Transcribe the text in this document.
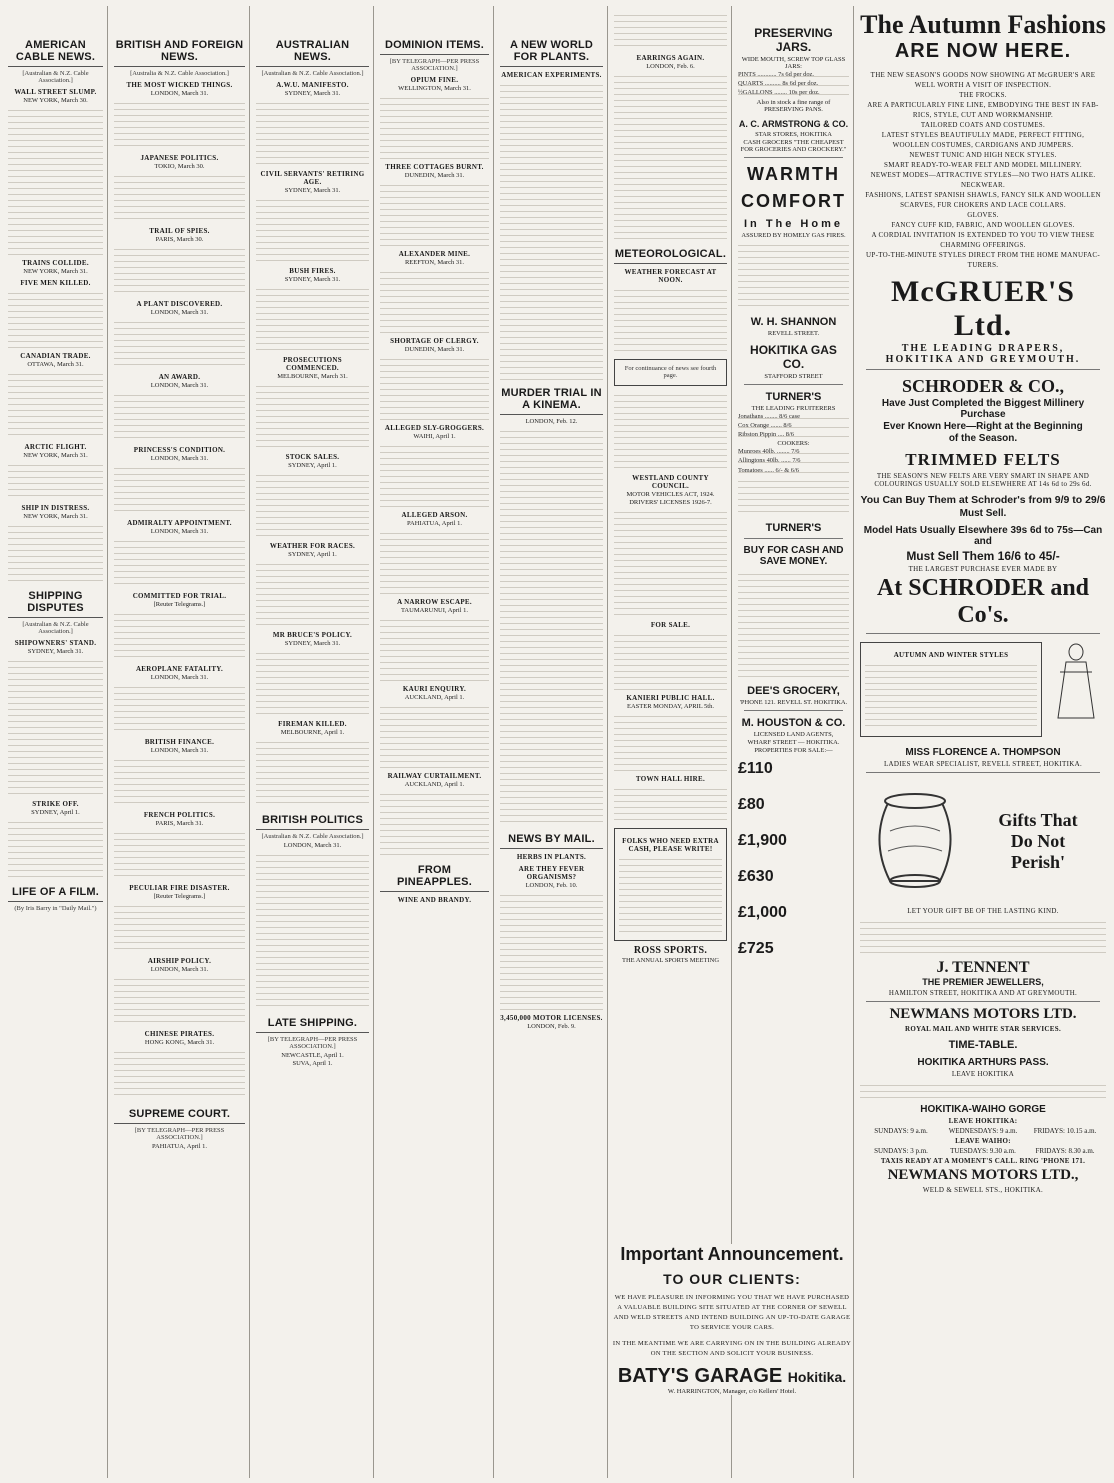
AMERICAN CABLE NEWS.
[Australian & N.Z. Cable Association.]
WALL STREET SLUMP.
NEW YORK, March 30.
TRAINS COLLIDE.
NEW YORK, March 31.
FIVE MEN KILLED.
CANADIAN TRADE.
OTTAWA, March 31.
ARCTIC FLIGHT.
NEW YORK, March 31.
SHIP IN DISTRESS.
NEW YORK, March 31.
SHIPPING DISPUTES
[Australian & N.Z. Cable Association.]
SHIPOWNERS' STAND.
SYDNEY, March 31.
STRIKE OFF.
SYDNEY, April 1.
LIFE OF A FILM.
(By Iris Barry in "Daily Mail.")
BRITISH AND FOREIGN NEWS.
[Australia & N.Z. Cable Association.]
THE MOST WICKED THINGS.
LONDON, March 31.
JAPANESE POLITICS.
TOKIO, March 30.
TRAIL OF SPIES.
PARIS, March 30.
A PLANT DISCOVERED.
LONDON, March 31.
AN AWARD.
LONDON, March 31.
PRINCESS'S CONDITION.
LONDON, March 31.
ADMIRALTY APPOINTMENT.
LONDON, March 31.
COMMITTED FOR TRIAL.
[Reuter Telegrams.]
AEROPLANE FATALITY.
LONDON, March 31.
BRITISH FINANCE.
LONDON, March 31.
FRENCH POLITICS.
PARIS, March 31.
PECULIAR FIRE DISASTER.
[Reuter Telegrams.]
AIRSHIP POLICY.
LONDON, March 31.
CHINESE PIRATES.
HONG KONG, March 31.
SUPREME COURT.
[BY TELEGRAPH—PER PRESS ASSOCIATION.]
PAHIATUA, April 1.
AUSTRALIAN NEWS.
[Australian & N.Z. Cable Association.]
A.W.U. MANIFESTO.
SYDNEY, March 31.
CIVIL SERVANTS' RETIRING AGE.
SYDNEY, March 31.
BUSH FIRES.
SYDNEY, March 31.
PROSECUTIONS COMMENCED.
MELBOURNE, March 31.
STOCK SALES.
SYDNEY, April 1.
WEATHER FOR RACES.
SYDNEY, April 1.
MR BRUCE'S POLICY.
SYDNEY, March 31.
FIREMAN KILLED.
MELBOURNE, April 1.
BRITISH POLITICS
[Australian & N.Z. Cable Association.]
LONDON, March 31.
LATE SHIPPING.
[BY TELEGRAPH—PER PRESS ASSOCIATION.]
NEWCASTLE, April 1.
SUVA, April 1.
DOMINION ITEMS.
[BY TELEGRAPH—PER PRESS ASSOCIATION.]
OPIUM FINE.
WELLINGTON, March 31.
THREE COTTAGES BURNT.
DUNEDIN, March 31.
ALEXANDER MINE.
REEFTON, March 31.
SHORTAGE OF CLERGY.
DUNEDIN, March 31.
ALLEGED SLY-GROGGERS.
WAIHI, April 1.
ALLEGED ARSON.
PAHIATUA, April 1.
A NARROW ESCAPE.
TAUMARUNUI, April 1.
KAURI ENQUIRY.
AUCKLAND, April 1.
RAILWAY CURTAILMENT.
AUCKLAND, April 1.
FROM PINEAPPLES.
WINE AND BRANDY.
A NEW WORLD FOR PLANTS.
AMERICAN EXPERIMENTS.
MURDER TRIAL IN A KINEMA.
LONDON, Feb. 12.
NEWS BY MAIL.
HERBS IN PLANTS.
ARE THEY FEVER ORGANISMS?
LONDON, Feb. 10.
3,450,000 MOTOR LICENSES.
LONDON, Feb. 9.
EARRINGS AGAIN.
LONDON, Feb. 6.
METEOROLOGICAL.
WEATHER FORECAST AT NOON.
For continuance of news see fourth page.
WESTLAND COUNTY COUNCIL.
MOTOR VEHICLES ACT, 1924.
DRIVERS' LICENSES 1926-7.
FOR SALE.
KANIERI PUBLIC HALL.
EASTER MONDAY, APRIL 5th.
TOWN HALL HIRE.
FOLKS WHO NEED EXTRA CASH, PLEASE WRITE!
ROSS SPORTS.
THE ANNUAL SPORTS MEETING
PRESERVING JARS.
WIDE MOUTH, SCREW TOP GLASS JARS:
PINTS ............ 7s 6d per doz.
QUARTS .......... 8s 6d per doz.
½GALLONS ........ 10s per doz.
Also in stock a fine range of PRESERVING PANS.
A. C. ARMSTRONG & CO.
STAR STORES, HOKITIKA
CASH GROCERS "THE CHEAPEST FOR GROCERIES AND CROCKERY."
WARMTH
COMFORT
In The Home
ASSURED BY HOMELY GAS FIRES.
W. H. SHANNON
REVELL STREET.
HOKITIKA GAS CO.
STAFFORD STREET
TURNER'S
THE LEADING FRUITERERS
Jonathans ........ 8/6 case
Cox Orange ....... 8/6
Ribston Pippin .... 8/6
COOKERS:
Munroes 40lb. ........ 7/6
Allingtons 40lb. ...... 7/6
Tomatoes ...... 6/- & 6/6
TURNER'S
BUY FOR CASH AND SAVE MONEY.
DEE'S GROCERY,
'PHONE 121. REVELL ST. HOKITIKA.
M. HOUSTON & CO.
LICENSED LAND AGENTS,
WHARF STREET — HOKITIKA.
PROPERTIES FOR SALE:—
£110
£80
£1,900
£630
£1,000
£725
The Autumn Fashions
ARE NOW HERE.
THE NEW SEASON'S GOODS NOW SHOWING AT McGRUER'S ARE
WELL WORTH A VISIT OF INSPECTION.
THE FROCKS.
ARE A PARTICULARLY FINE LINE, EMBODYING THE BEST IN FAB-
RICS, STYLE, CUT AND WORKMANSHIP.
TAILORED COATS AND COSTUMES.
LATEST STYLES BEAUTIFULLY MADE, PERFECT FITTING,
WOOLLEN COSTUMES, CARDIGANS AND JUMPERS.
NEWEST TUNIC AND HIGH NECK STYLES.
SMART READY-TO-WEAR FELT AND MODEL MILLINERY.
NEWEST MODES—ATTRACTIVE STYLES—NO TWO HATS ALIKE.
NECKWEAR.
FASHIONS, LATEST SPANISH SHAWLS, FANCY SILK AND WOOLLEN
SCARVES, FUR CHOKERS AND LACE COLLARS.
GLOVES.
FANCY CUFF KID, FABRIC, AND WOOLLEN GLOVES.
A CORDIAL INVITATION IS EXTENDED TO YOU TO VIEW THESE
CHARMING OFFERINGS.
UP-TO-THE-MINUTE STYLES DIRECT FROM THE HOME MANUFAC-
TURERS.
McGRUER'S Ltd.
THE LEADING DRAPERS,
HOKITIKA AND GREYMOUTH.
SCHRODER & CO.,
Have Just Completed the Biggest Millinery Purchase
Ever Known Here—Right at the Beginning
of the Season.
TRIMMED FELTS
THE SEASON'S NEW FELTS ARE VERY SMART IN SHAPE AND COLOURINGS USUALLY SOLD ELSEWHERE AT 14s 6d to 29s 6d.
You Can Buy Them at Schroder's from 9/9 to 29/6
Must Sell.
Model Hats Usually Elsewhere 39s 6d to 75s—Can and
Must Sell Them 16/6 to 45/-
THE LARGEST PURCHASE EVER MADE BY
At SCHRODER and Co's.
AUTUMN AND WINTER STYLES
MISS FLORENCE A. THOMPSON
LADIES WEAR SPECIALIST, REVELL STREET, HOKITIKA.
Gifts That
Do Not
Perish'
LET YOUR GIFT BE OF THE LASTING KIND.
J. TENNENT
THE PREMIER JEWELLERS,
HAMILTON STREET, HOKITIKA AND AT GREYMOUTH.
NEWMANS MOTORS LTD.
ROYAL MAIL AND WHITE STAR SERVICES.
TIME-TABLE.
HOKITIKA ARTHURS PASS.
LEAVE HOKITIKA
HOKITIKA-WAIHO GORGE
LEAVE HOKITIKA:
SUNDAYS: 9 a.m.	WEDNESDAYS: 9 a.m.	FRIDAYS: 10.15 a.m.
LEAVE WAIHO:
SUNDAYS: 3 p.m.	TUESDAYS: 9.30 a.m.	FRIDAYS: 8.30 a.m.
TAXIS READY AT A MOMENT'S CALL. RING 'PHONE 171.
NEWMANS MOTORS LTD.,
WELD & SEWELL STS., HOKITIKA.
Important Announcement.
TO OUR CLIENTS:
WE HAVE PLEASURE IN INFORMING YOU THAT WE HAVE PURCHASED A VALUABLE BUILDING SITE SITUATED AT THE CORNER OF SEWELL AND WELD STREETS AND INTEND BUILDING AN UP-TO-DATE GARAGE TO SERVICE YOUR CARS.
IN THE MEANTIME WE ARE CARRYING ON IN THE BUILDING ALREADY ON THE SECTION AND SOLICIT YOUR BUSINESS.
BATY'S GARAGE Hokitika.
W. HARRINGTON, Manager, c/o Kellers' Hotel.
